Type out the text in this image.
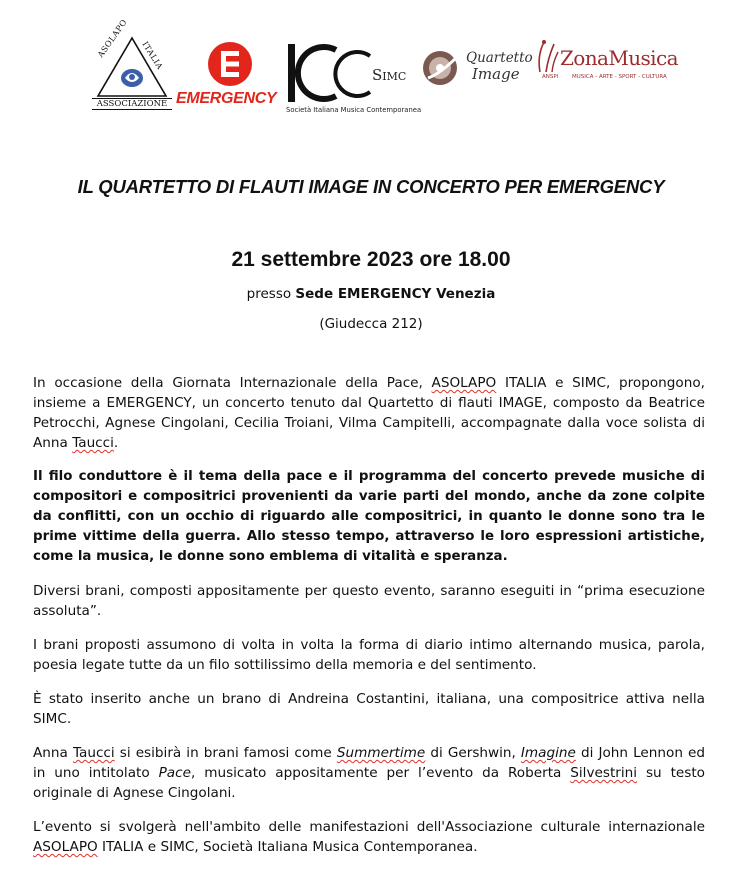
ASOLAPO ITALIA
ASSOCIAZIONE EMERGENCY
SIMC
Società Italiana Musica Contemporanea
Quartetto
Image
ZonaMusica
ANSPI MUSICA - ARTE - SPORT - CULTURA
IL QUARTETTO DI FLAUTI IMAGE IN CONCERTO PER EMERGENCY
21 settembre 2023 ore 18.00
presso Sede EMERGENCY Venezia
(Giudecca 212)

In occasione della Giornata Internazionale della Pace, ASOLAPO ITALIA e SIMC, propongono, insieme a EMERGENCY, un concerto tenuto dal Quartetto di flauti IMAGE, composto da Beatrice Petrocchi, Agnese Cingolani, Cecilia Troiani, Vilma Campitelli, accompagnate dalla voce solista di Anna Taucci.

Il filo conduttore è il tema della pace e il programma del concerto prevede musiche di compositori e compositrici provenienti da varie parti del mondo, anche da zone colpite da conflitti, con un occhio di riguardo alle compositrici, in quanto le donne sono tra le prime vittime della guerra. Allo stesso tempo, attraverso le loro espressioni artistiche, come la musica, le donne sono emblema di vitalità e speranza.

Diversi brani, composti appositamente per questo evento, saranno eseguiti in “prima esecuzione assoluta”.

I brani proposti assumono di volta in volta la forma di diario intimo alternando musica, parola, poesia legate tutte da un filo sottilissimo della memoria e del sentimento.

È stato inserito anche un brano di Andreina Costantini, italiana, una compositrice attiva nella SIMC.

Anna Taucci si esibirà in brani famosi come Summertime di Gershwin, Imagine di John Lennon ed in uno intitolato Pace, musicato appositamente per l’evento da Roberta Silvestrini su testo originale di Agnese Cingolani.

L’evento si svolgerà nell'ambito delle manifestazioni dell'Associazione culturale internazionale ASOLAPO ITALIA e SIMC, Società Italiana Musica Contemporanea.
